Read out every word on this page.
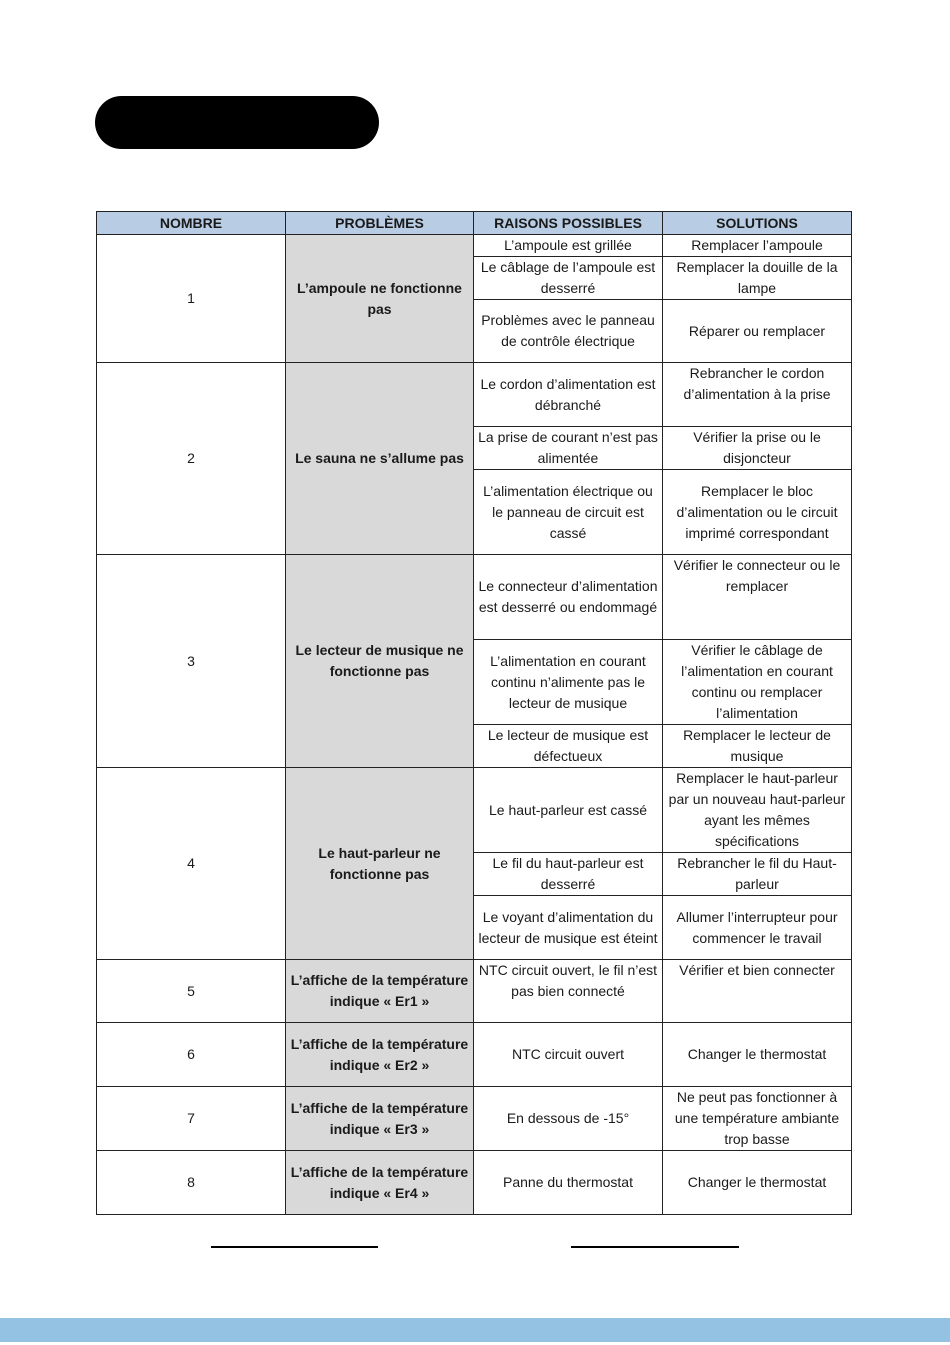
NOMBRE	PROBLÈMES	RAISONS POSSIBLES	SOLUTIONS
1	L’ampoule ne fonctionne pas	L’ampoule est grillée	Remplacer l’ampoule
		Le câblage de l’ampoule est desserré	Remplacer la douille de la lampe
		Problèmes avec le panneau de contrôle électrique	Réparer ou remplacer
2	Le sauna ne s’allume pas	Le cordon d’alimentation est débranché	Rebrancher le cordon d’alimentation à la prise
		La prise de courant n’est pas alimentée	Vérifier la prise ou le disjoncteur
		L’alimentation électrique ou le panneau de circuit est cassé	Remplacer le bloc d’alimentation ou le circuit imprimé correspondant
3	Le lecteur de musique ne fonctionne pas	Le connecteur d’alimentation est desserré ou endommagé	Vérifier le connecteur ou le remplacer
		L’alimentation en courant continu n’alimente pas le lecteur de musique	Vérifier le câblage de l’alimentation en courant continu ou remplacer l’alimentation
		Le lecteur de musique est défectueux	Remplacer le lecteur de musique
4	Le haut-parleur ne fonctionne pas	Le haut-parleur est cassé	Remplacer le haut-parleur par un nouveau haut-parleur ayant les mêmes spécifications
		Le fil du haut-parleur est desserré	Rebrancher le fil du Haut-parleur
		Le voyant d’alimentation du lecteur de musique est éteint	Allumer l’interrupteur pour commencer le travail
5	L’affiche de la température indique « Er1 »	NTC circuit ouvert, le fil n’est pas bien connecté	Vérifier et bien connecter
6	L’affiche de la température indique « Er2 »	NTC circuit ouvert	Changer le thermostat
7	L’affiche de la température indique « Er3 »	En dessous de -15°	Ne peut pas fonctionner à une température ambiante trop basse
8	L’affiche de la température indique « Er4 »	Panne du thermostat	Changer le thermostat
